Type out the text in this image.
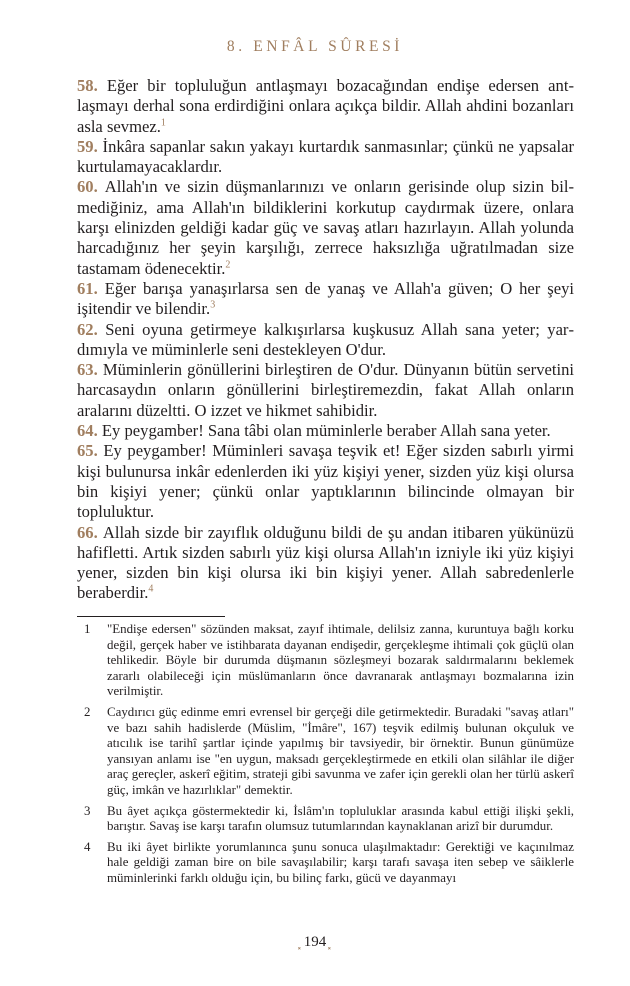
8. ENFÂL SÛRESİ

58. Eğer bir topluluğun antlaşmayı bozacağından endişe edersen antlaşmayı derhal sona erdirdiğini onlara açıkça bildir. Allah ahdini bozanları asla sevmez.$^1$

59. İnkâra sapanlar sakın yakayı kurtardık sanmasınlar; çünkü ne yapsalar kurtulamayacaklardır.

60. Allah'ın ve sizin düşmanlarınızı ve onların gerisinde olup sizin bilmediğiniz, ama Allah'ın bildiklerini korkutup caydırmak üzere, onlara karşı elinizden geldiği kadar güç ve savaş atları hazırlayın. Allah yolunda harcadığınız her şeyin karşılığı, zerrece haksızlığa uğratılmadan size tastamam ödenecektir.$^2$

61. Eğer barışa yanaşırlarsa sen de yanaş ve Allah'a güven; O her şeyi işitendir ve bilendir.$^3$

62. Seni oyuna getirmeye kalkışırlarsa kuşkusuz Allah sana yeter; yardımıyla ve müminlerle seni destekleyen O'dur.

63. Müminlerin gönüllerini birleştiren de O'dur. Dünyanın bütün servetini harcasaydın onların gönüllerini birleştiremezdin, fakat Allah onların aralarını düzeltti. O izzet ve hikmet sahibidir.

64. Ey peygamber! Sana tâbi olan müminlerle beraber Allah sana yeter.

65. Ey peygamber! Müminleri savaşa teşvik et! Eğer sizden sabırlı yirmi kişi bulunursa inkâr edenlerden iki yüz kişiyi yener, sizden yüz kişi olursa bin kişiyi yener; çünkü onlar yaptıklarının bilincinde olmayan bir topluluktur.

66. Allah sizde bir zayıflık olduğunu bildi de şu andan itibaren yükünüzü hafifletti. Artık sizden sabırlı yüz kişi olursa Allah'ın izniyle iki yüz kişiyi yener, sizden bin kişi olursa iki bin kişiyi yener. Allah sabredenlerle beraberdir.$^4$

1	"Endişe edersen" sözünden maksat, zayıf ihtimale, delilsiz zanna, kuruntuya bağlı korku değil, gerçek haber ve istihbarata dayanan endişedir, gerçekleşme ihtimali çok güçlü olan tehlikedir. Böyle bir durumda düşmanın sözleşmeyi bozarak saldırmalarını beklemek zararlı olabileceği için müslümanların önce davranarak antlaşmayı bozmalarına izin verilmiştir.
2	Caydırıcı güç edinme emri evrensel bir gerçeği dile getirmektedir. Buradaki "savaş atları" ve bazı sahih hadislerde (Müslim, "İmâre", 167) teşvik edilmiş bulunan okçuluk ve atıcılık ise tarihî şartlar içinde yapılmış bir tavsiyedir, bir örnektir. Bunun günümüze yansıyan anlamı ise "en uygun, maksadı gerçekleştirmede en etkili olan silâhlar ile diğer araç gereçler, askerî eğitim, strateji gibi savunma ve zafer için gerekli olan her türlü askerî güç, imkân ve hazırlıklar" demektir.
3	Bu âyet açıkça göstermektedir ki, İslâm'ın topluluklar arasında kabul ettiği ilişki şekli, barıştır. Savaş ise karşı tarafın olumsuz tutumlarından kaynaklanan arizî bir durumdur.
4	Bu iki âyet birlikte yorumlanınca şunu sonuca ulaşılmaktadır: Gerektiği ve kaçınılmaz hale geldiği zaman bire on bile savaşılabilir; karşı tarafı savaşa iten sebep ve sâiklerle müminlerinki farklı olduğu için, bu bilinç farkı, gücü ve dayanmayı
⸼ 194 ⸼
